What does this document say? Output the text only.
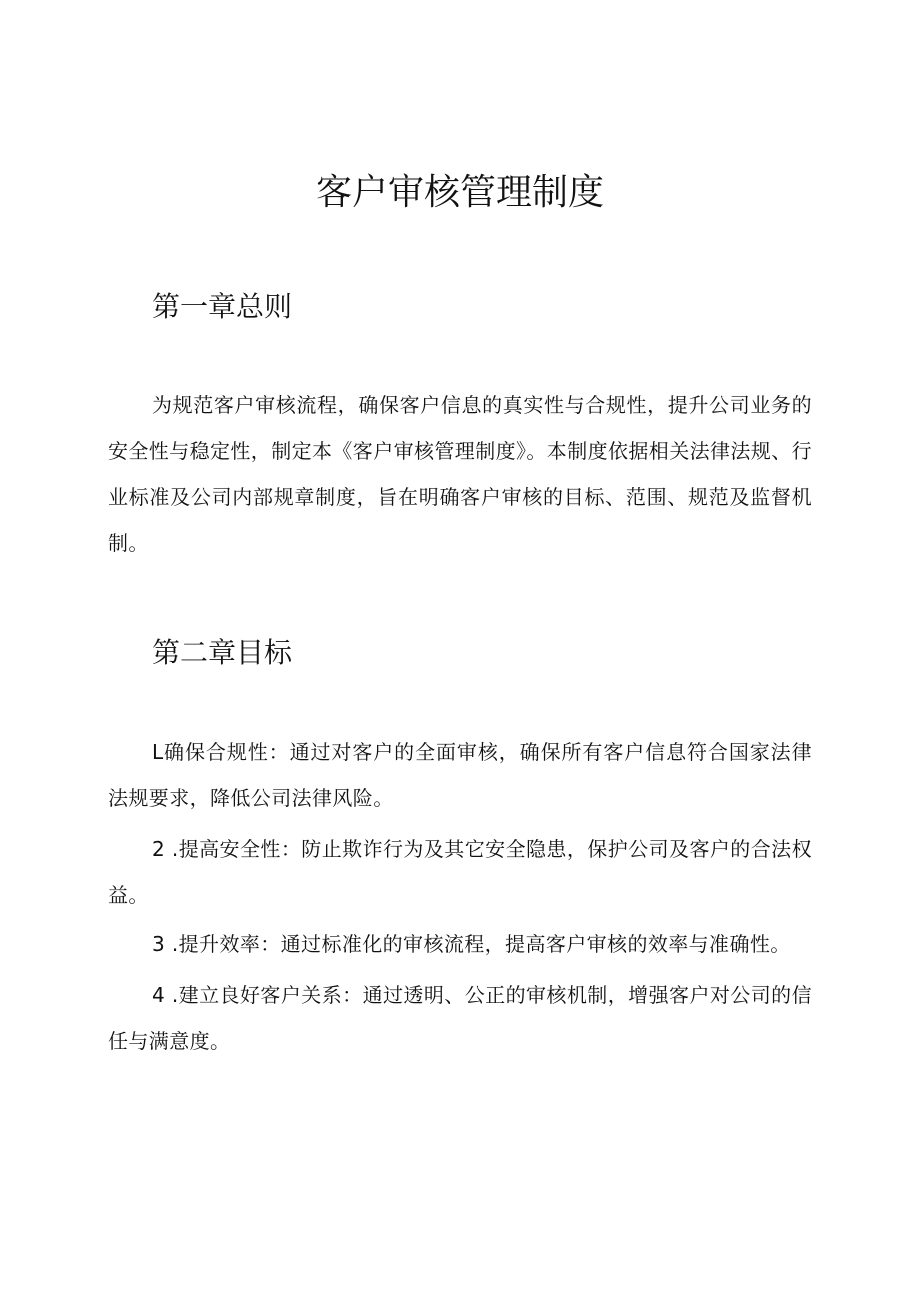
客户审核管理制度
第一章总则

为规范客户审核流程，确保客户信息的真实性与合规性，提升公司业务的安全性与稳定性，制定本《客户审核管理制度》。本制度依据相关法律法规、行业标准及公司内部规章制度，旨在明确客户审核的目标、范围、规范及监督机制。

第二章目标

L确保合规性：通过对客户的全面审核，确保所有客户信息符合国家法律法规要求，降低公司法律风险。

2 .提高安全性：防止欺诈行为及其它安全隐患，保护公司及客户的合法权益。

3 .提升效率：通过标准化的审核流程，提高客户审核的效率与准确性。

4 .建立良好客户关系：通过透明、公正的审核机制，增强客户对公司的信任与满意度。
